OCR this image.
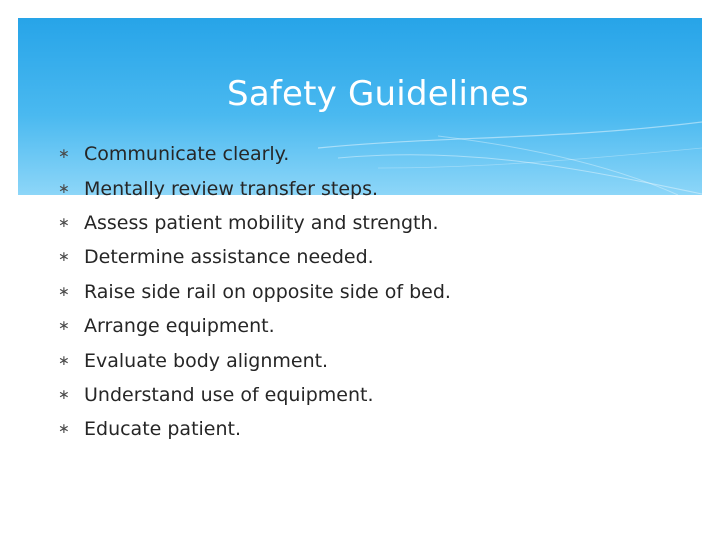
Safety Guidelines
∗ Communicate clearly.
∗ Mentally review transfer steps.
∗ Assess patient mobility and strength.
∗ Determine assistance needed.
∗ Raise side rail on opposite side of bed.
∗ Arrange equipment.
∗ Evaluate body alignment.
∗ Understand use of equipment.
∗ Educate patient.
